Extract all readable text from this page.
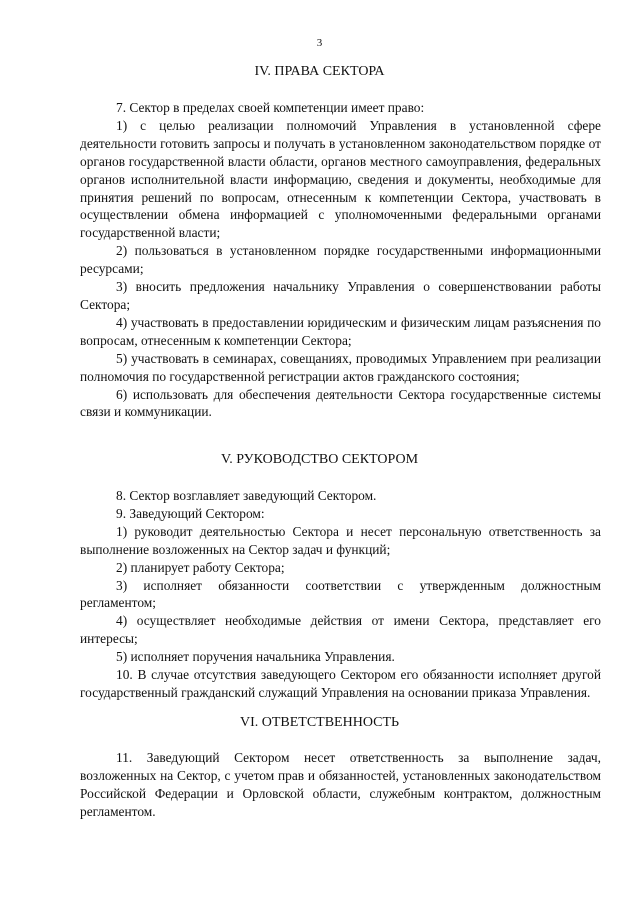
3
IV. ПРАВА СЕКТОРА

7. Сектор в пределах своей компетенции имеет право:

1) с целью реализации полномочий Управления в установленной сфере деятельности готовить запросы и получать в установленном законодательством порядке от органов государственной власти области, органов местного самоуправления, федеральных органов исполнительной власти информацию, сведения и документы, необходимые для принятия решений по вопросам, отнесенным к компетенции Сектора, участвовать в осуществлении обмена информацией с уполномоченными федеральными органами государственной власти;

2) пользоваться в установленном порядке государственными информационными ресурсами;

3) вносить предложения начальнику Управления о совершенствовании работы Сектора;

4) участвовать в предоставлении юридическим и физическим лицам разъяснения по вопросам, отнесенным к компетенции Сектора;

5) участвовать в семинарах, совещаниях, проводимых Управлением при реализации полномочия по государственной регистрации актов гражданского состояния;

6) использовать для обеспечения деятельности Сектора государственные системы связи и коммуникации.

V. РУКОВОДСТВО СЕКТОРОМ

8. Сектор возглавляет заведующий Сектором.

9. Заведующий Сектором:

1) руководит деятельностью Сектора и несет персональную ответственность за выполнение возложенных на Сектор задач и функций;

2) планирует работу Сектора;

3) исполняет обязанности соответствии с утвержденным должностным регламентом;

4) осуществляет необходимые действия от имени Сектора, представляет его интересы;

5) исполняет поручения начальника Управления.

10. В случае отсутствия заведующего Сектором его обязанности исполняет другой государственный гражданский служащий Управления на основании приказа Управления.

VI. ОТВЕТСТВЕННОСТЬ

11. Заведующий Сектором несет ответственность за выполнение задач, возложенных на Сектор, с учетом прав и обязанностей, установленных законодательством Российской Федерации и Орловской области, служебным контрактом, должностным регламентом.
